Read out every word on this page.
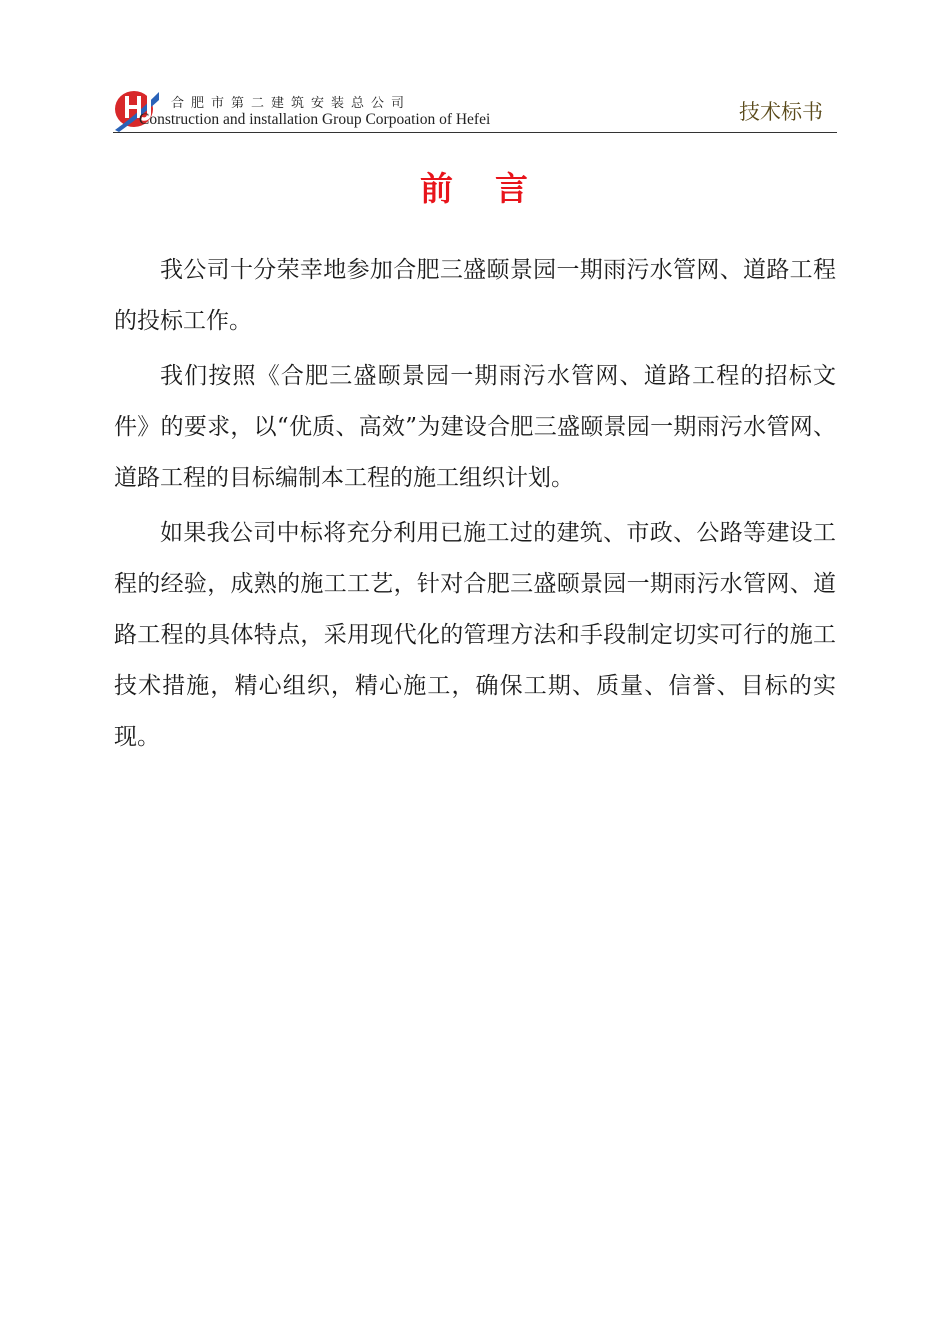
合肥市第二建筑安装总公司
Construction and installation Group Corpoation of Hefei	技术标书
前 言

我公司十分荣幸地参加合肥三盛颐景园一期雨污水管网、道路工程的投标工作。

我们按照《合肥三盛颐景园一期雨污水管网、道路工程的招标文件》的要求，以“优质、高效”为建设合肥三盛颐景园一期雨污水管网、道路工程的目标编制本工程的施工组织计划。

如果我公司中标将充分利用已施工过的建筑、市政、公路等建设工程的经验，成熟的施工工艺，针对合肥三盛颐景园一期雨污水管网、道路工程的具体特点，采用现代化的管理方法和手段制定切实可行的施工技术措施，精心组织，精心施工，确保工期、质量、信誉、目标的实现。
